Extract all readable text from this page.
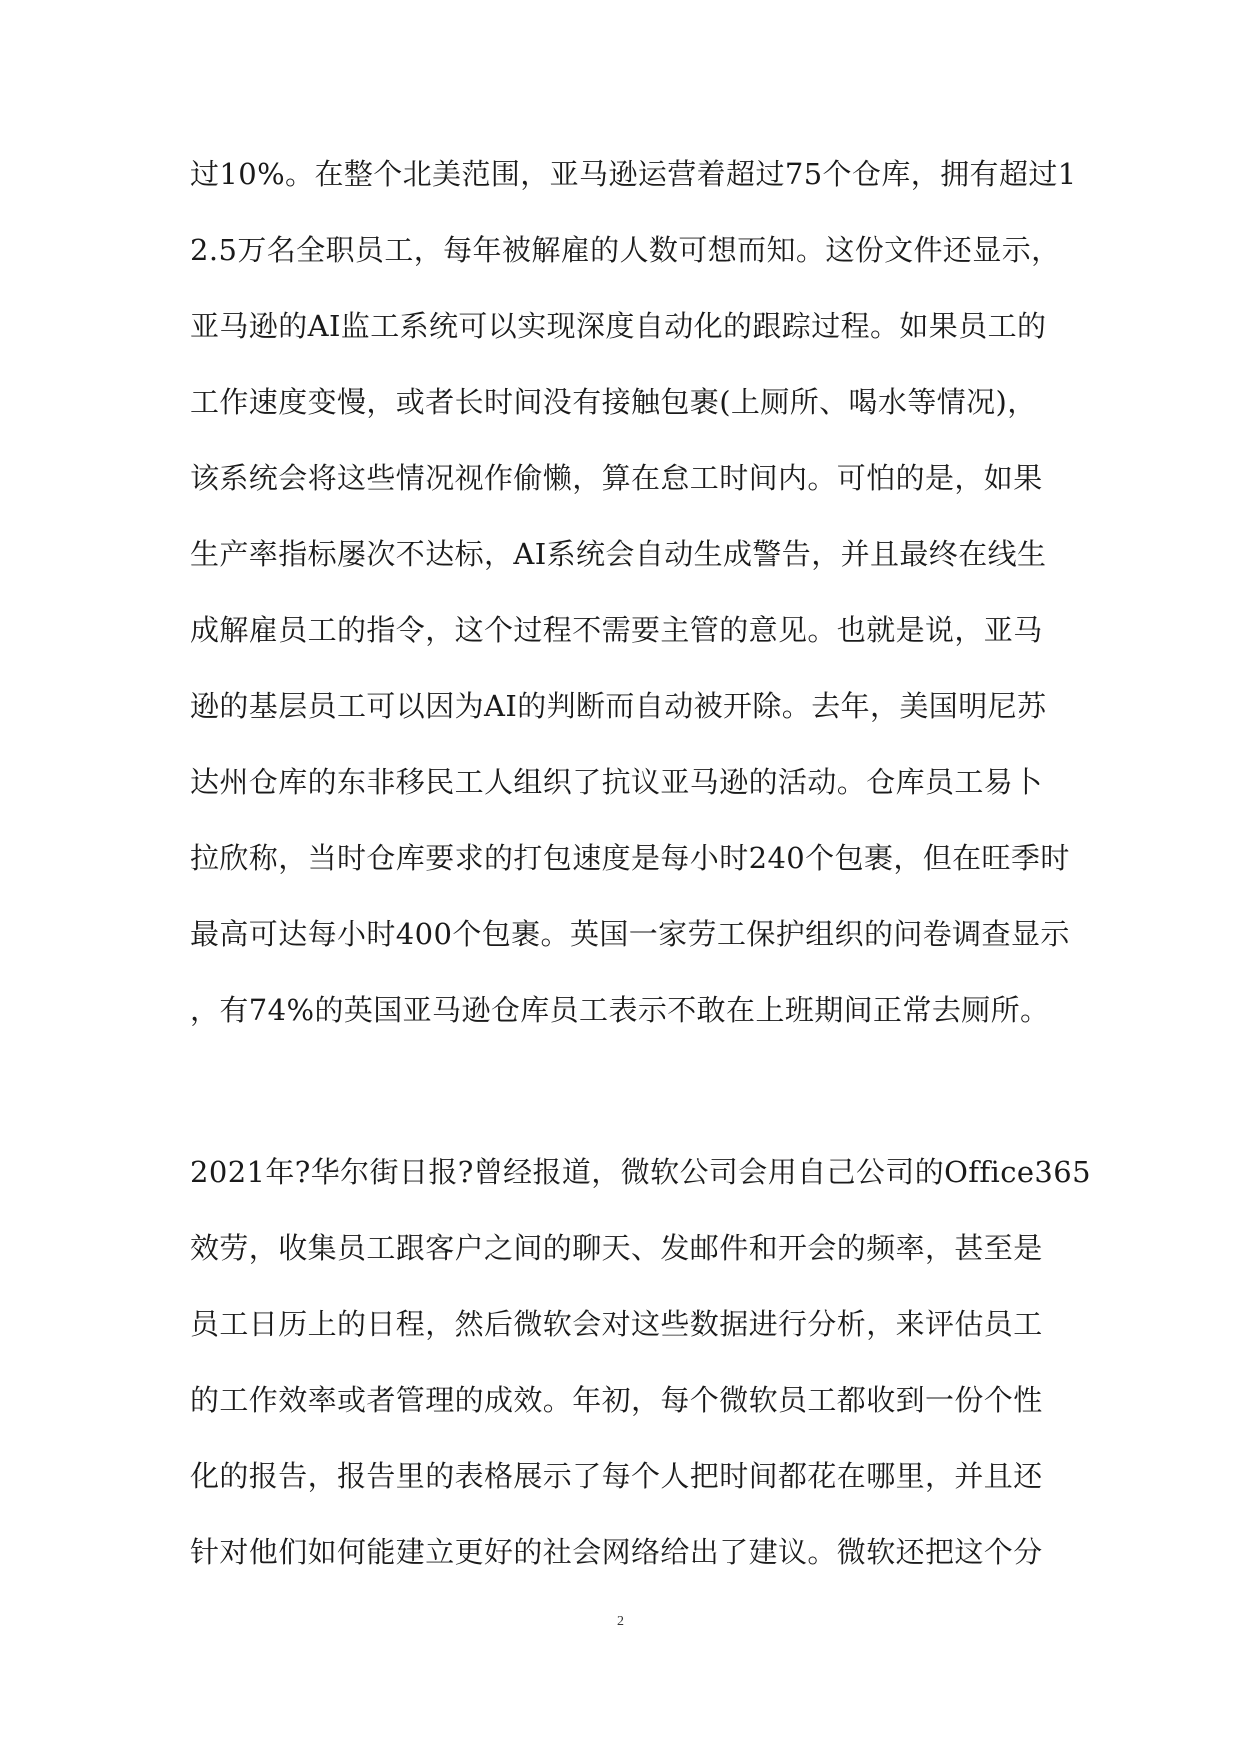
过10%。在整个北美范围，亚马逊运营着超过75个仓库，拥有超过1
2.5万名全职员工，每年被解雇的人数可想而知。这份文件还显示，
亚马逊的AI监工系统可以实现深度自动化的跟踪过程。如果员工的
工作速度变慢，或者长时间没有接触包裹(上厕所、喝水等情况)，
该系统会将这些情况视作偷懒，算在怠工时间内。可怕的是，如果
生产率指标屡次不达标，AI系统会自动生成警告，并且最终在线生
成解雇员工的指令，这个过程不需要主管的意见。也就是说，亚马
逊的基层员工可以因为AI的判断而自动被开除。去年，美国明尼苏
达州仓库的东非移民工人组织了抗议亚马逊的活动。仓库员工易卜
拉欣称，当时仓库要求的打包速度是每小时240个包裹，但在旺季时
最高可达每小时400个包裹。英国一家劳工保护组织的问卷调查显示
，有74%的英国亚马逊仓库员工表示不敢在上班期间正常去厕所。
2021年?华尔街日报?曾经报道，微软公司会用自己公司的Office365
效劳，收集员工跟客户之间的聊天、发邮件和开会的频率，甚至是
员工日历上的日程，然后微软会对这些数据进行分析，来评估员工
的工作效率或者管理的成效。年初，每个微软员工都收到一份个性
化的报告，报告里的表格展示了每个人把时间都花在哪里，并且还
针对他们如何能建立更好的社会网络给出了建议。微软还把这个分
2
